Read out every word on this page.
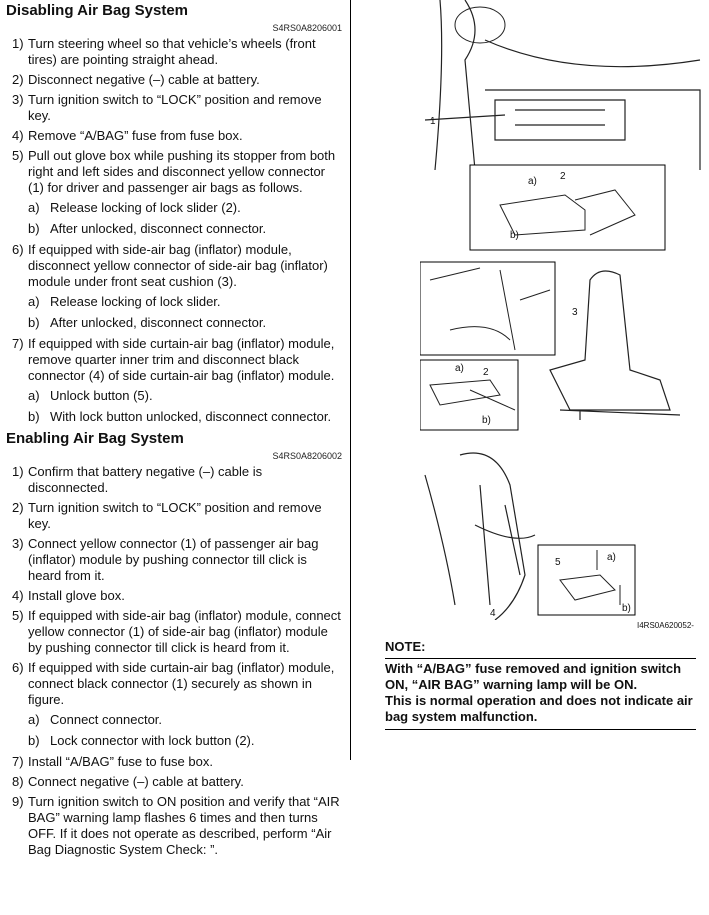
Disabling Air Bag System
S4RS0A8206001
1) Turn steering wheel so that vehicle’s wheels (front tires) are pointing straight ahead.
2) Disconnect negative (–) cable at battery.
3) Turn ignition switch to “LOCK” position and remove key.
4) Remove “A/BAG” fuse from fuse box.
5) Pull out glove box while pushing its stopper from both right and left sides and disconnect yellow connector (1) for driver and passenger air bags as follows.
a) Release locking of lock slider (2).
b) After unlocked, disconnect connector.
6) If equipped with side-air bag (inflator) module, disconnect yellow connector of side-air bag (inflator) module under front seat cushion (3).
a) Release locking of lock slider.
b) After unlocked, disconnect connector.
7) If equipped with side curtain-air bag (inflator) module, remove quarter inner trim and disconnect black connector (4) of side curtain-air bag (inflator) module.
a) Unlock button (5).
b) With lock button unlocked, disconnect connector.
Enabling Air Bag System
S4RS0A8206002
1) Confirm that battery negative (–) cable is disconnected.
2) Turn ignition switch to “LOCK” position and remove key.
3) Connect yellow connector (1) of passenger air bag (inflator) module by pushing connector till click is heard from it.
4) Install glove box.
5) If equipped with side-air bag (inflator) module, connect yellow connector (1) of side-air bag (inflator) module by pushing connector till click is heard from it.
6) If equipped with side curtain-air bag (inflator) module, connect black connector (1) securely as shown in figure.
a) Connect connector.
b) Lock connector with lock button (2).
7) Install “A/BAG” fuse to fuse box.
8) Connect negative (–) cable at battery.
9) Turn ignition switch to ON position and verify that “AIR BAG” warning lamp flashes 6 times and then turns OFF. If it does not operate as described, perform “Air Bag Diagnostic System Check: ”.
1
2
a)
b)
3
2
a)
b)
5
4
a)
b)
I4RS0A620052-
NOTE:
With “A/BAG” fuse removed and ignition switch ON, “AIR BAG” warning lamp will be ON.
This is normal operation and does not indicate air bag system malfunction.
